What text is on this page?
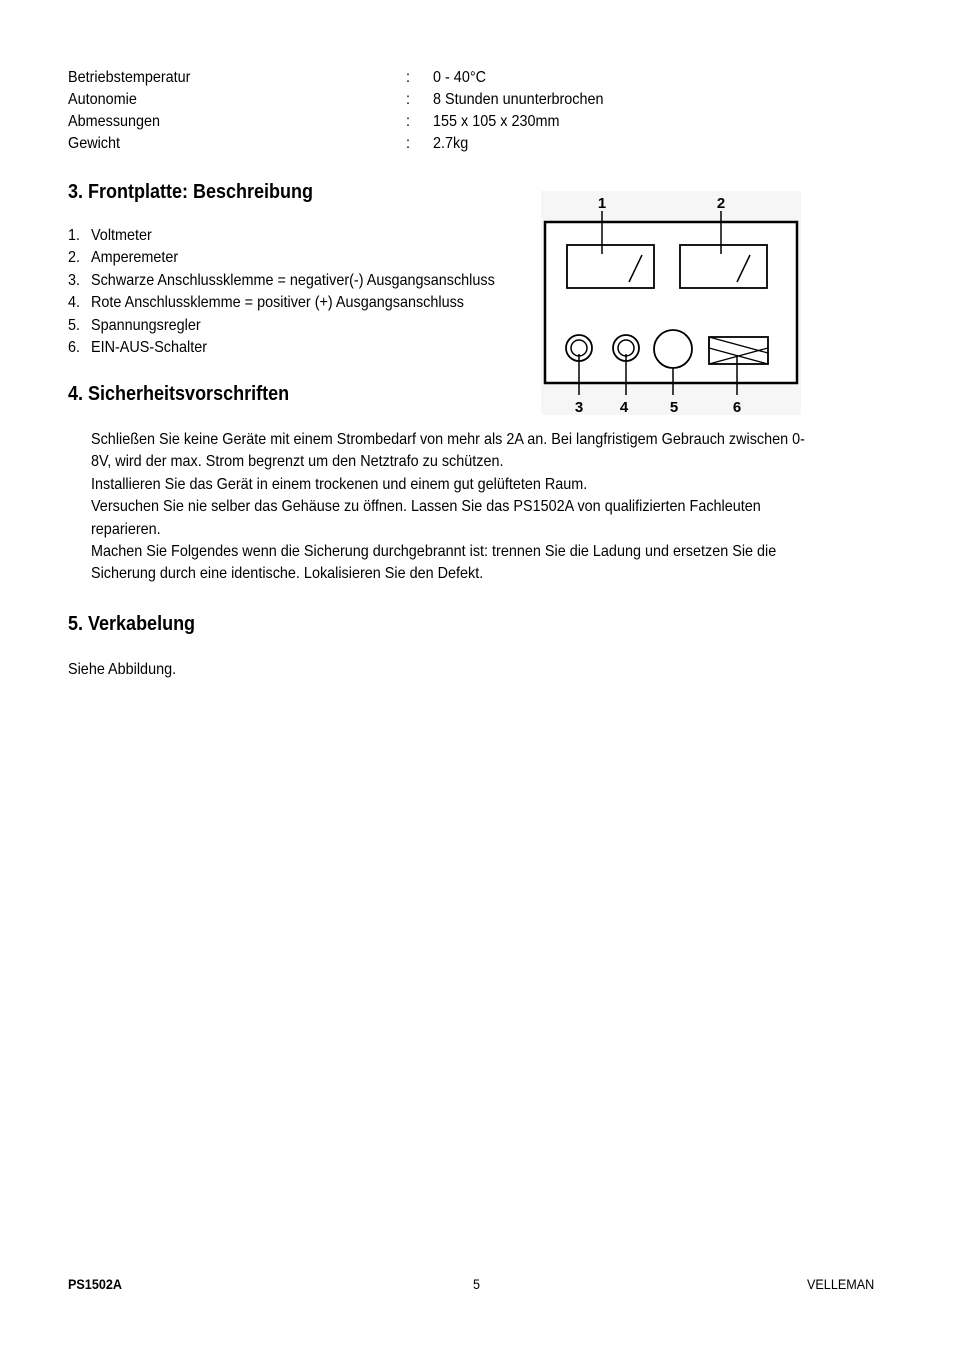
Betriebstemperatur	: 0 - 40°C
Autonomie	: 8 Stunden ununterbrochen
Abmessungen	: 155 x 105 x 230mm
Gewicht	: 2.7kg
3. Frontplatte: Beschreibung
1. Voltmeter
2. Amperemeter
3. Schwarze Anschlussklemme = negativer(-) Ausgangsanschluss
4. Rote Anschlussklemme = positiver (+) Ausgangsanschluss
5. Spannungsregler
6. EIN-AUS-Schalter
1	2
3 4	5	6
4. Sicherheitsvorschriften
Schließen Sie keine Geräte mit einem Strombedarf von mehr als 2A an. Bei langfristigem Gebrauch zwischen 0-
8V, wird der max. Strom begrenzt um den Netztrafo zu schützen.
Installieren Sie das Gerät in einem trockenen und einem gut gelüfteten Raum.
Versuchen Sie nie selber das Gehäuse zu öffnen. Lassen Sie das PS1502A von qualifizierten Fachleuten
reparieren.
Machen Sie Folgendes wenn die Sicherung durchgebrannt ist: trennen Sie die Ladung und ersetzen Sie die
Sicherung durch eine identische. Lokalisieren Sie den Defekt.
5. Verkabelung
Siehe Abbildung.
PS1502A	5	VELLEMAN
